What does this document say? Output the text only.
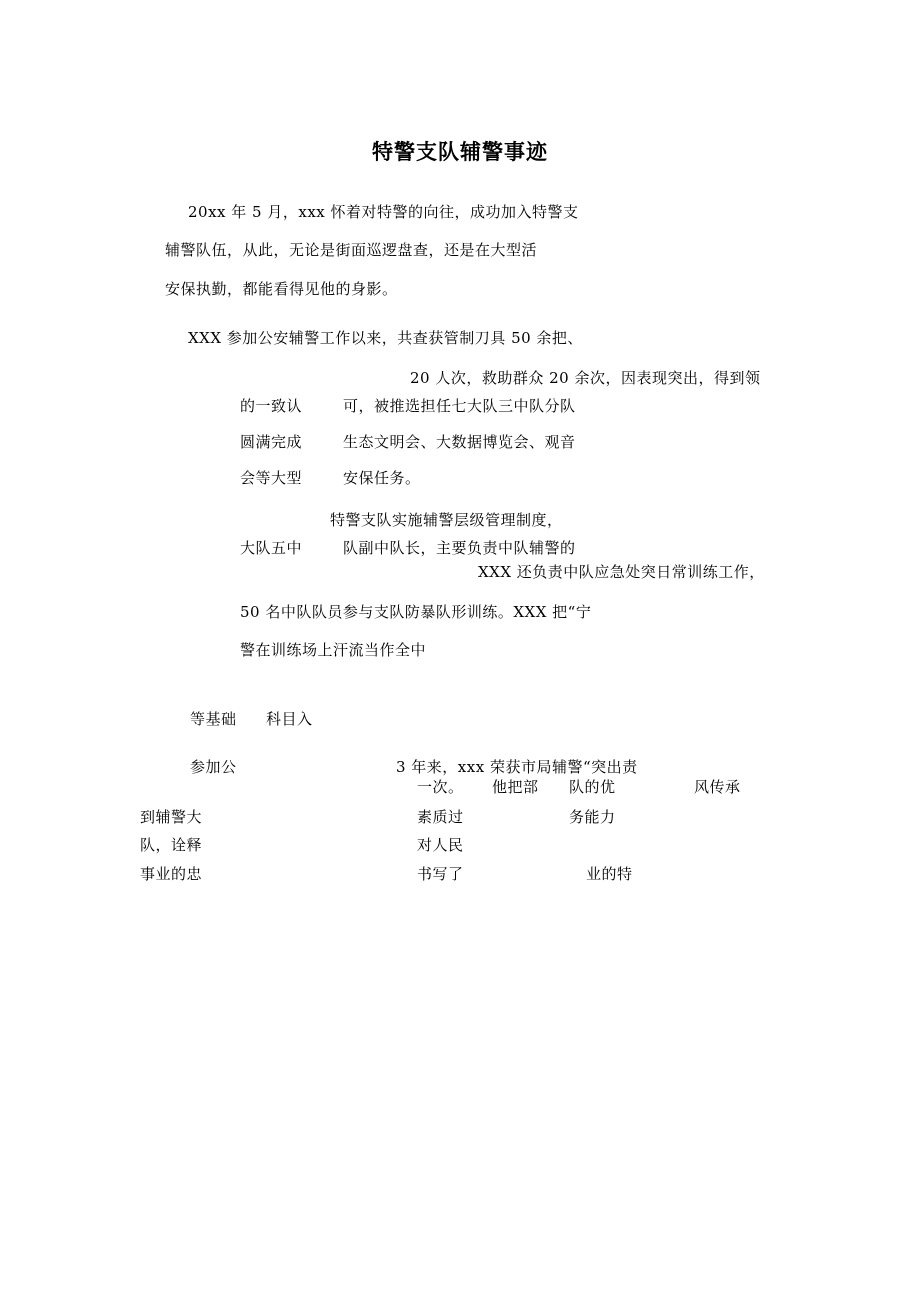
特警支队辅警事迹
20xx 年 5 月，xxx 怀着对特警的向往，成功加入特警支
辅警队伍，从此，无论是街面巡逻盘查，还是在大型活
安保执勤，都能看得见他的身影。
XXX 参加公安辅警工作以来，共查获管制刀具 50 余把、
20 人次，救助群众 20 余次，因表现突出，得到领
的一致认	可，被推选担任七大队三中队分队
圆满完成	生态文明会、大数据博览会、观音
会等大型	安保任务。
特警支队实施辅警层级管理制度，
大队五中	队副中队长，主要负责中队辅警的
XXX 还负责中队应急处突日常训练工作，
50 名中队队员参与支队防暴队形训练。XXX 把“宁
警在训练场上汗流当作全中
等基础 科目入
参加公	3 年来，xxx 荣获市局辅警“突出责
一次。 他把部 队的优	风传承
到辅警大	素质过	务能力
队，诠释	对人民
事业的忠	书写了	业的特
